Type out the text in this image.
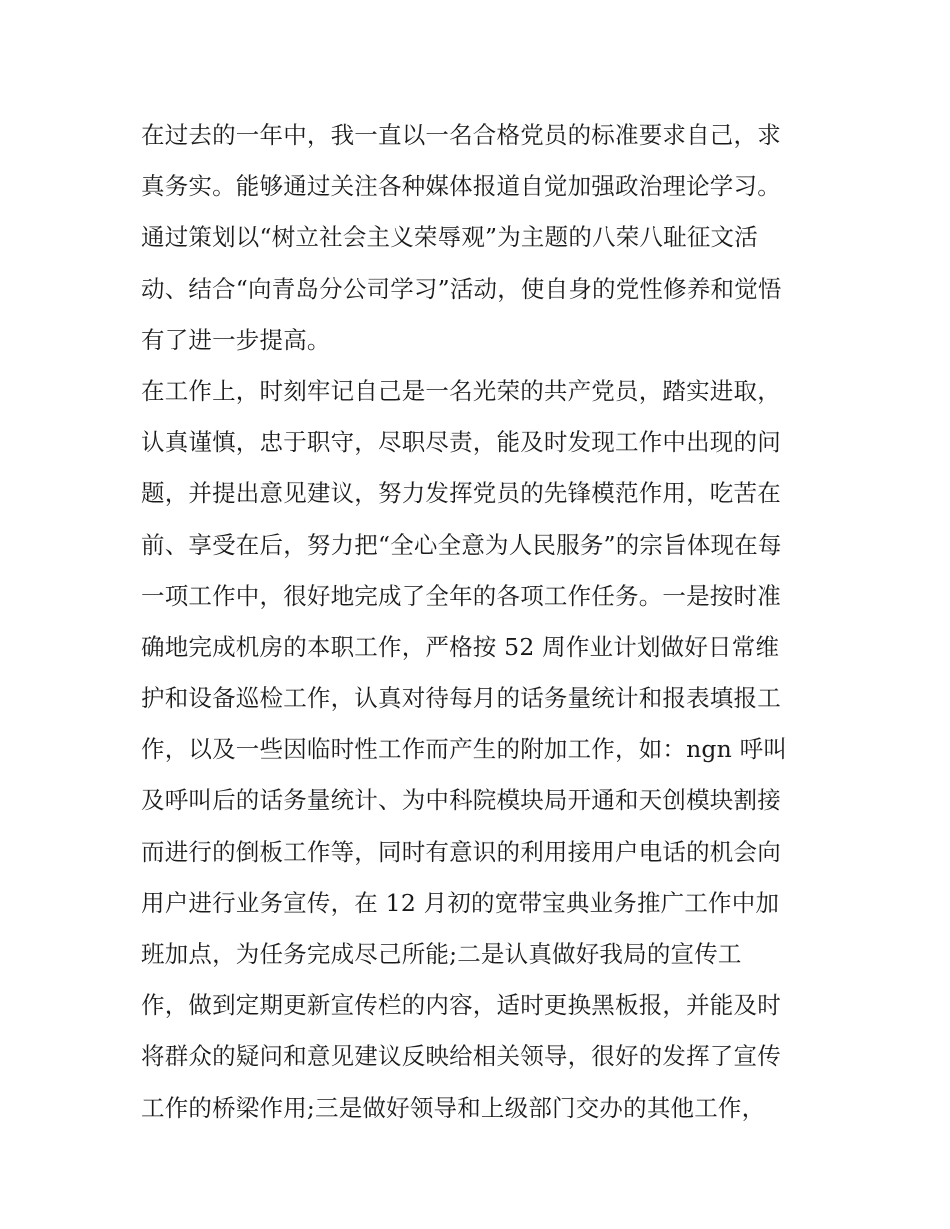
在过去的一年中，我一直以一名合格党员的标准要求自己，求
真务实。能够通过关注各种媒体报道自觉加强政治理论学习。
通过策划以“树立社会主义荣辱观”为主题的八荣八耻征文活
动、结合“向青岛分公司学习”活动，使自身的党性修养和觉悟
有了进一步提高。
在工作上，时刻牢记自己是一名光荣的共产党员，踏实进取，
认真谨慎，忠于职守，尽职尽责，能及时发现工作中出现的问
题，并提出意见建议，努力发挥党员的先锋模范作用，吃苦在
前、享受在后，努力把“全心全意为人民服务”的宗旨体现在每
一项工作中，很好地完成了全年的各项工作任务。一是按时准
确地完成机房的本职工作，严格按 52 周作业计划做好日常维
护和设备巡检工作，认真对待每月的话务量统计和报表填报工
作，以及一些因临时性工作而产生的附加工作，如：ngn 呼叫
及呼叫后的话务量统计、为中科院模块局开通和天创模块割接
而进行的倒板工作等，同时有意识的利用接用户电话的机会向
用户进行业务宣传，在 12 月初的宽带宝典业务推广工作中加
班加点，为任务完成尽己所能;二是认真做好我局的宣传工
作，做到定期更新宣传栏的内容，适时更换黑板报，并能及时
将群众的疑问和意见建议反映给相关领导，很好的发挥了宣传
工作的桥梁作用;三是做好领导和上级部门交办的其他工作，
